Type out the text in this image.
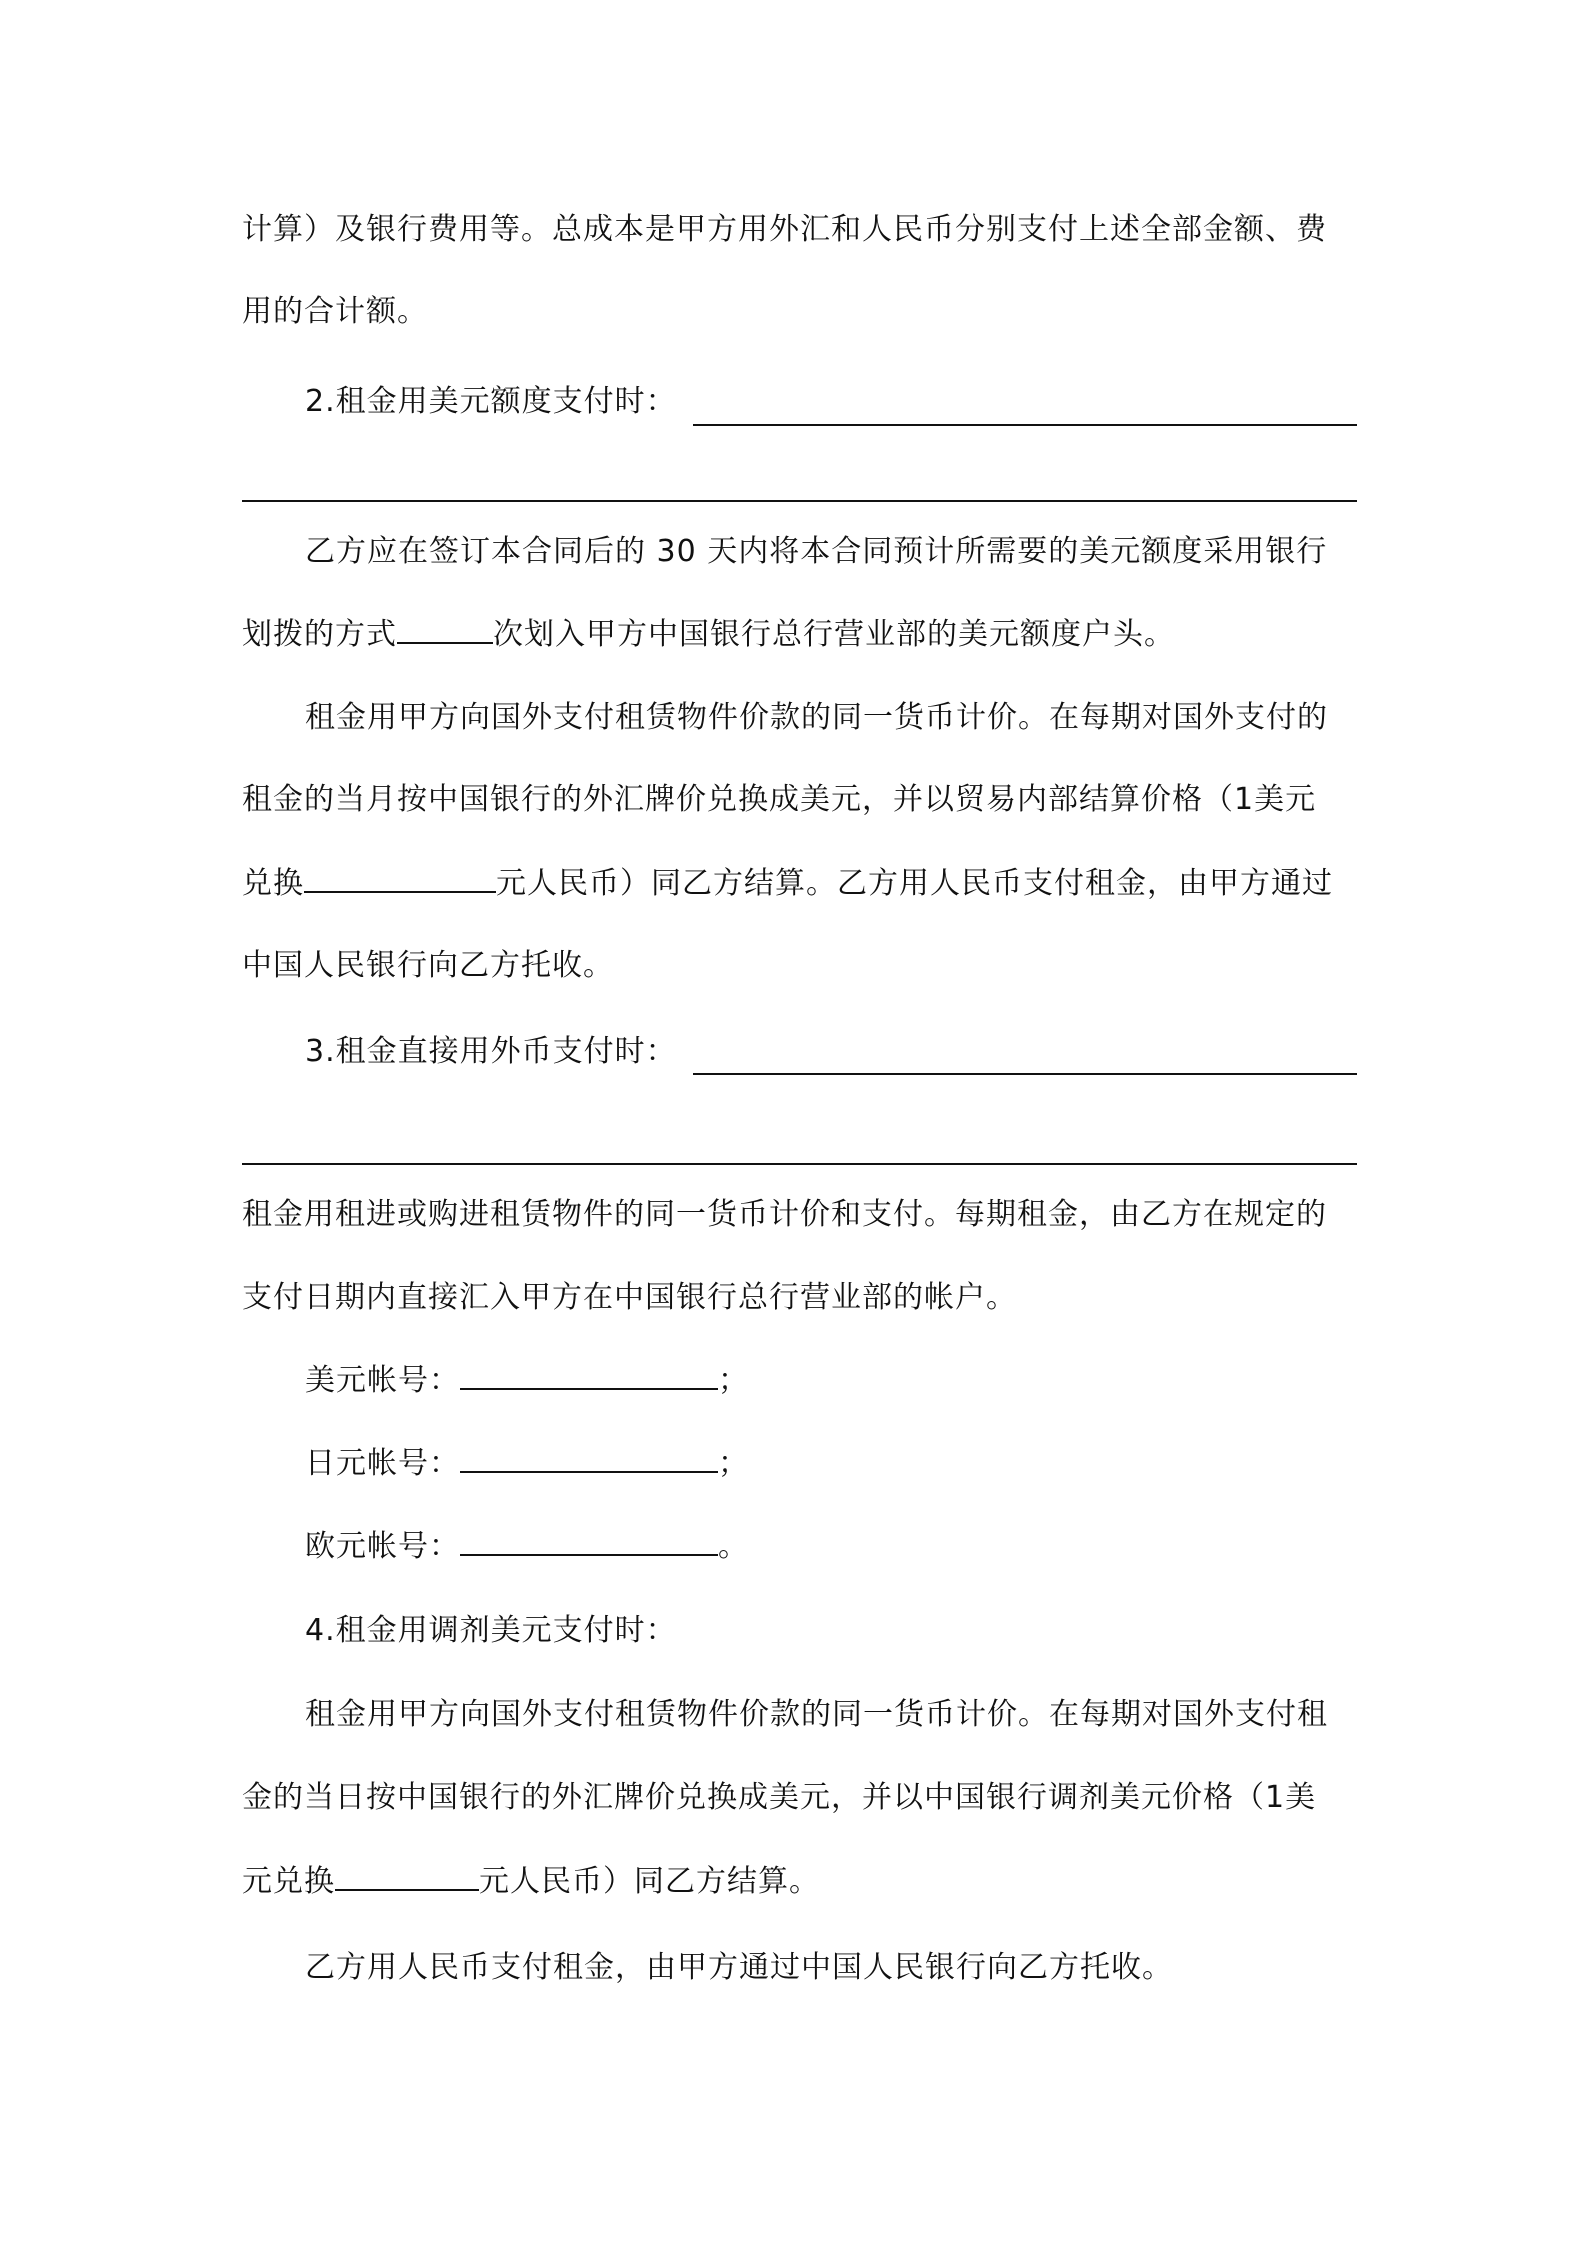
计算）及银行费用等。总成本是甲方用外汇和人民币分别支付上述全部金额、费
用的合计额。
2.租金用美元额度支付时：
乙方应在签订本合同后的 30 天内将本合同预计所需要的美元额度采用银行
划拨的方式	次划入甲方中国银行总行营业部的美元额度户头。
租金用甲方向国外支付租赁物件价款的同一货币计价。在每期对国外支付的
租金的当月按中国银行的外汇牌价兑换成美元，并以贸易内部结算价格（1美元
兑换	元人民币）同乙方结算。乙方用人民币支付租金，由甲方通过
中国人民银行向乙方托收。
3.租金直接用外币支付时：
租金用租进或购进租赁物件的同一货币计价和支付。每期租金，由乙方在规定的
支付日期内直接汇入甲方在中国银行总行营业部的帐户。
美元帐号：	；
日元帐号：	；
欧元帐号：	。
4.租金用调剂美元支付时：
租金用甲方向国外支付租赁物件价款的同一货币计价。在每期对国外支付租
金的当日按中国银行的外汇牌价兑换成美元，并以中国银行调剂美元价格（1美
元兑换	元人民币）同乙方结算。
乙方用人民币支付租金，由甲方通过中国人民银行向乙方托收。
